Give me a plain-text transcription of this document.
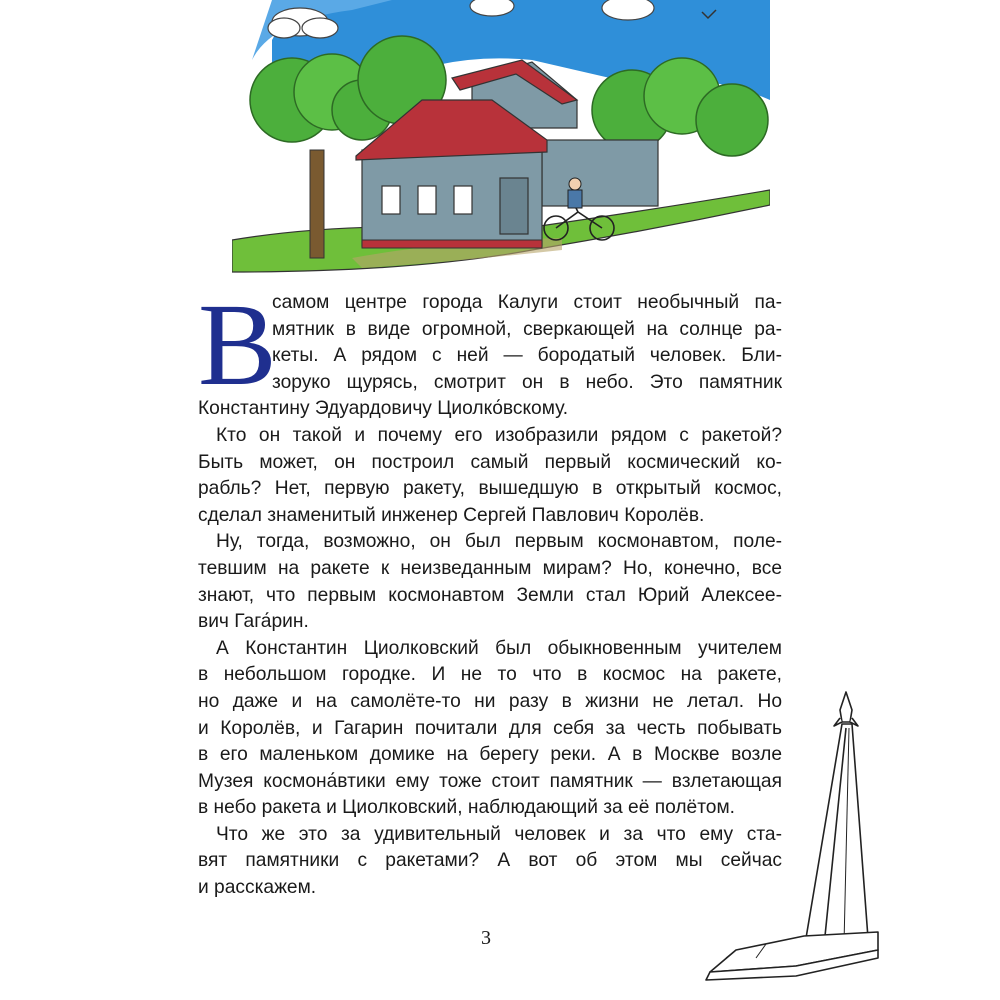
В
самом центре города Калуги стоит необычный па-
мятник в виде огромной, сверкающей на солнце ра-
кеты. А рядом с ней — бородатый человек. Бли-
зоруко щурясь, смотрит он в небо. Это памятник
Константину Эдуардовичу Циолко́вскому.
Кто он такой и почему его изобразили рядом с ракетой?
Быть может, он построил самый первый космический ко-
рабль? Нет, первую ракету, вышедшую в открытый космос,
сделал знаменитый инженер Сергей Павлович Королёв.
Ну, тогда, возможно, он был первым космонавтом, поле-
тевшим на ракете к неизведанным мирам? Но, конечно, все
знают, что первым космонавтом Земли стал Юрий Алексее-
вич Гага́рин.
А Константин Циолковский был обыкновенным учителем
в небольшом городке. И не то что в космос на ракете,
но даже и на самолёте-то ни разу в жизни не летал. Но
и Королёв, и Гагарин почитали для себя за честь побывать
в его маленьком домике на берегу реки. А в Москве возле
Музея космона́втики ему тоже стоит памятник — взлетающая
в небо ракета и Циолковский, наблюдающий за её полётом.
Что же это за удивительный человек и за что ему ста-
вят памятники с ракетами? А вот об этом мы сейчас
и расскажем.
3
